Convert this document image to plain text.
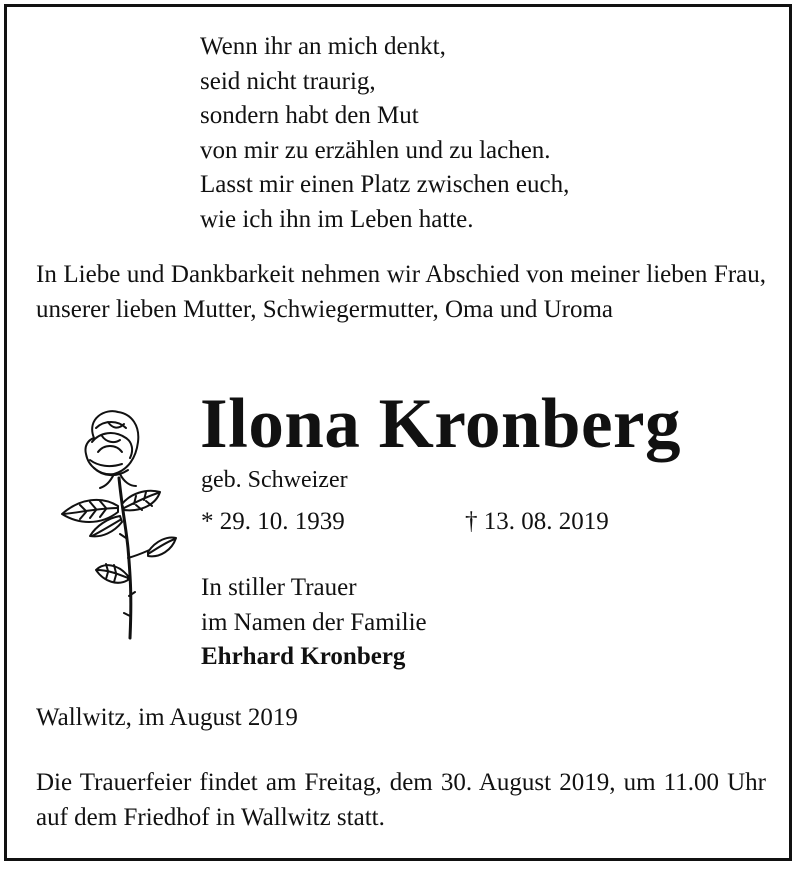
Wenn ihr an mich denkt,
seid nicht traurig,
sondern habt den Mut
von mir zu erzählen und zu lachen.
Lasst mir einen Platz zwischen euch,
wie ich ihn im Leben hatte.
In Liebe und Dankbarkeit nehmen wir Abschied von meiner lieben Frau, unserer lieben Mutter, Schwiegermutter, Oma und Uroma
Ilona Kronberg
geb. Schweizer
* 29. 10. 1939	† 13. 08. 2019
In stiller Trauer
im Namen der Familie
Ehrhard Kronberg
Wallwitz, im August 2019
Die Trauerfeier findet am Freitag, dem 30. August 2019, um 11.00 Uhr auf dem Friedhof in Wallwitz statt.
